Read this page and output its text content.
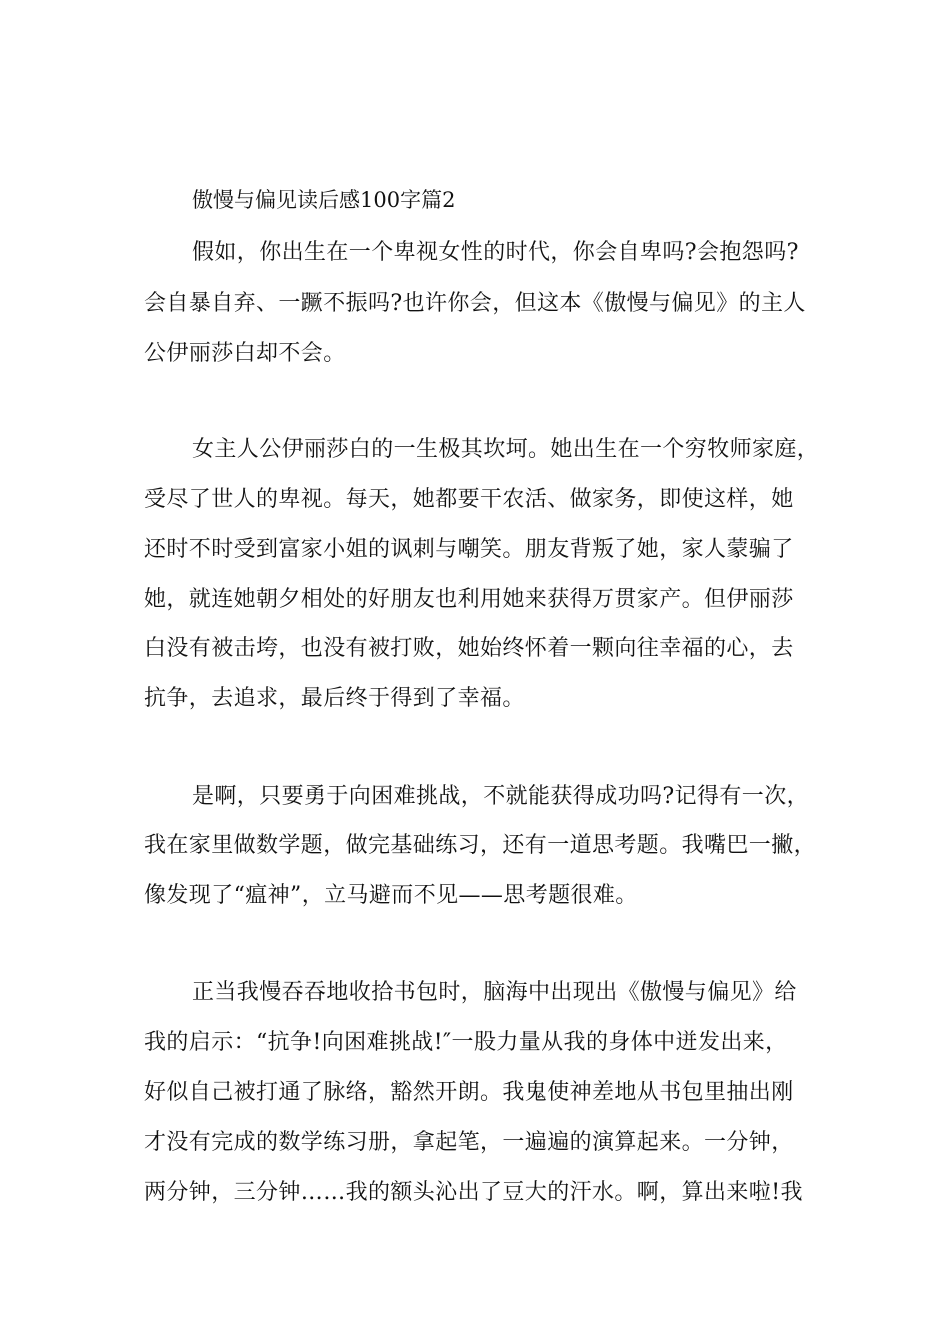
傲慢与偏见读后感100字篇2
假如，你出生在一个卑视女性的时代，你会自卑吗?会抱怨吗?
会自暴自弃、一蹶不振吗?也许你会，但这本《傲慢与偏见》的主人
公伊丽莎白却不会。
女主人公伊丽莎白的一生极其坎坷。她出生在一个穷牧师家庭，
受尽了世人的卑视。每天，她都要干农活、做家务，即使这样，她
还时不时受到富家小姐的讽刺与嘲笑。朋友背叛了她，家人蒙骗了
她，就连她朝夕相处的好朋友也利用她来获得万贯家产。但伊丽莎
白没有被击垮，也没有被打败，她始终怀着一颗向往幸福的心，去
抗争，去追求，最后终于得到了幸福。
是啊，只要勇于向困难挑战，不就能获得成功吗?记得有一次，
我在家里做数学题，做完基础练习，还有一道思考题。我嘴巴一撇，
像发现了“瘟神”，立马避而不见——思考题很难。
正当我慢吞吞地收拾书包时，脑海中出现出《傲慢与偏见》给
我的启示：“抗争!向困难挑战!″一股力量从我的身体中迸发出来，
好似自己被打通了脉络，豁然开朗。我鬼使神差地从书包里抽出刚
才没有完成的数学练习册，拿起笔，一遍遍的演算起来。一分钟，
两分钟，三分钟……我的额头沁出了豆大的汗水。啊，算出来啦!我
